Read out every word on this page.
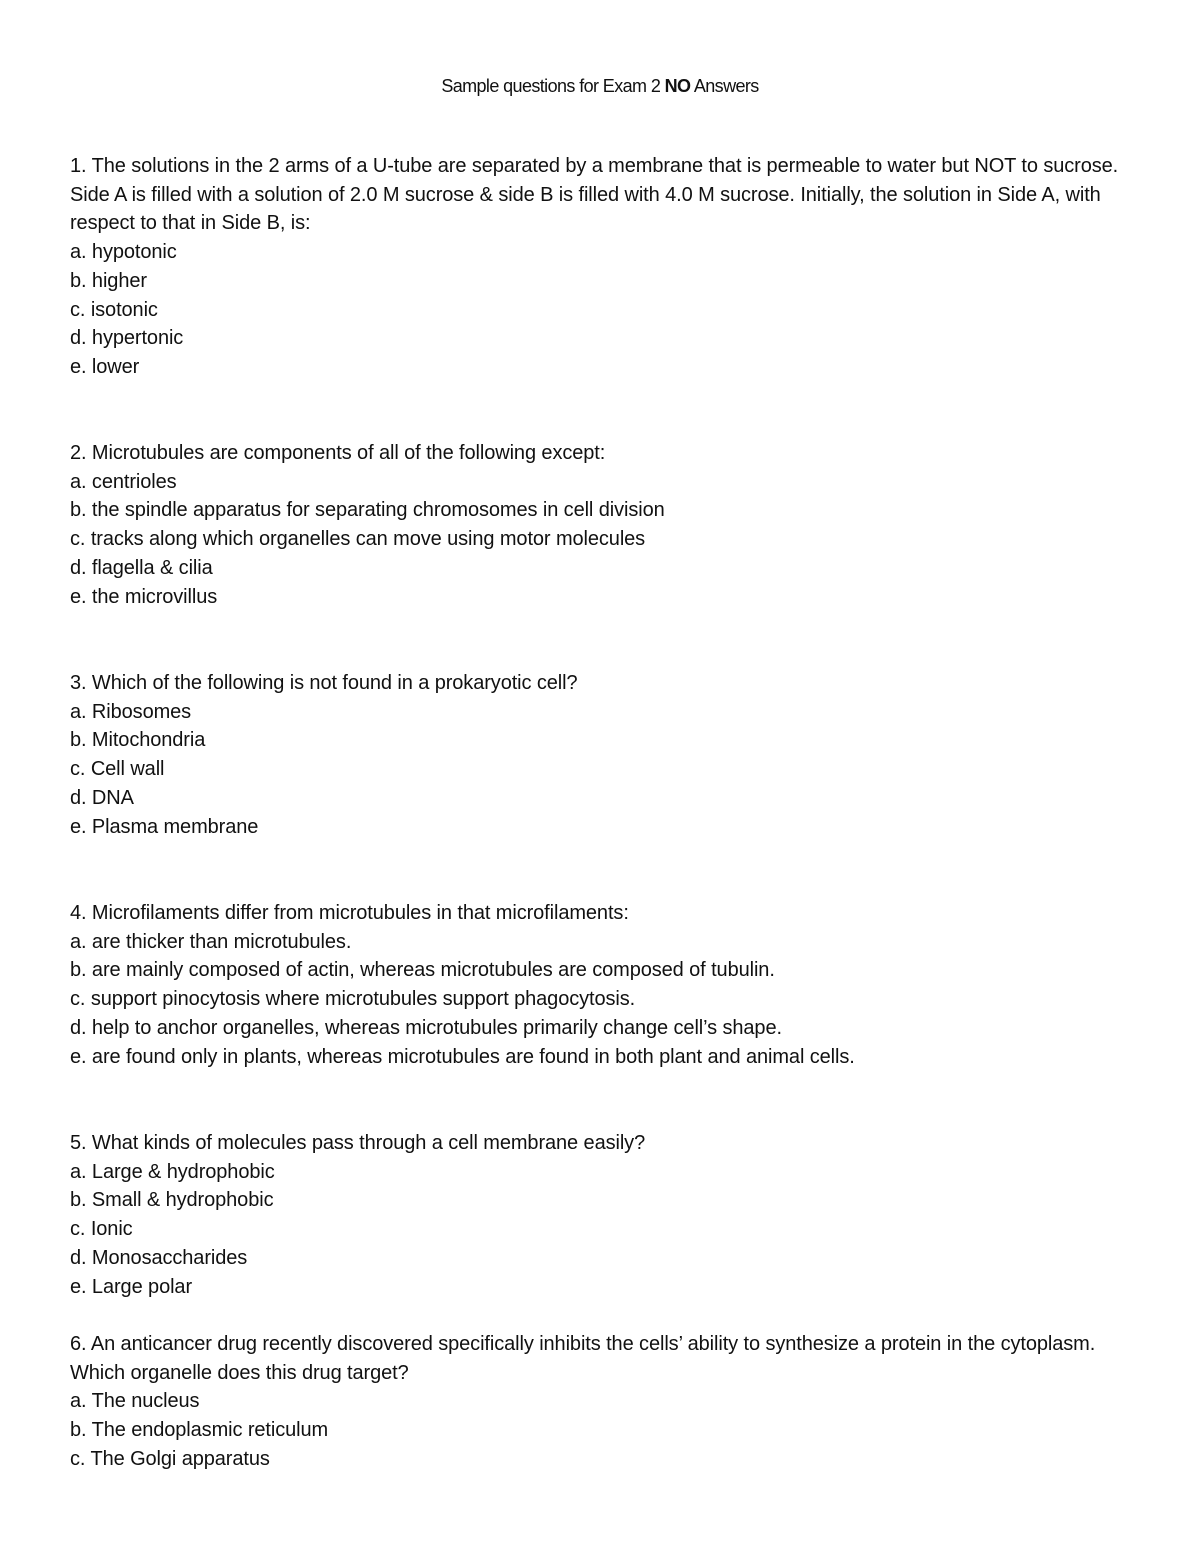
Sample questions for Exam 2 NO Answers
1. The solutions in the 2 arms of a U-tube are separated by a membrane that is permeable to water but NOT to sucrose. Side A is filled with a solution of 2.0 M sucrose & side B is filled with 4.0 M sucrose. Initially, the solution in Side A, with respect to that in Side B, is:
a. hypotonic
b. higher
c. isotonic
d. hypertonic
e. lower
2. Microtubules are components of all of the following except:
a. centrioles
b. the spindle apparatus for separating chromosomes in cell division
c. tracks along which organelles can move using motor molecules
d. flagella & cilia
e. the microvillus
3. Which of the following is not found in a prokaryotic cell?
a. Ribosomes
b. Mitochondria
c. Cell wall
d. DNA
e. Plasma membrane
4. Microfilaments differ from microtubules in that microfilaments:
a. are thicker than microtubules.
b. are mainly composed of actin, whereas microtubules are composed of tubulin.
c. support pinocytosis where microtubules support phagocytosis.
d. help to anchor organelles, whereas microtubules primarily change cell’s shape.
e. are found only in plants, whereas microtubules are found in both plant and animal cells.
5. What kinds of molecules pass through a cell membrane easily?
a. Large & hydrophobic
b. Small & hydrophobic
c. Ionic
d. Monosaccharides
e. Large polar
6. An anticancer drug recently discovered specifically inhibits the cells’ ability to synthesize a protein in the cytoplasm. Which organelle does this drug target?
a. The nucleus
b. The endoplasmic reticulum
c. The Golgi apparatus
